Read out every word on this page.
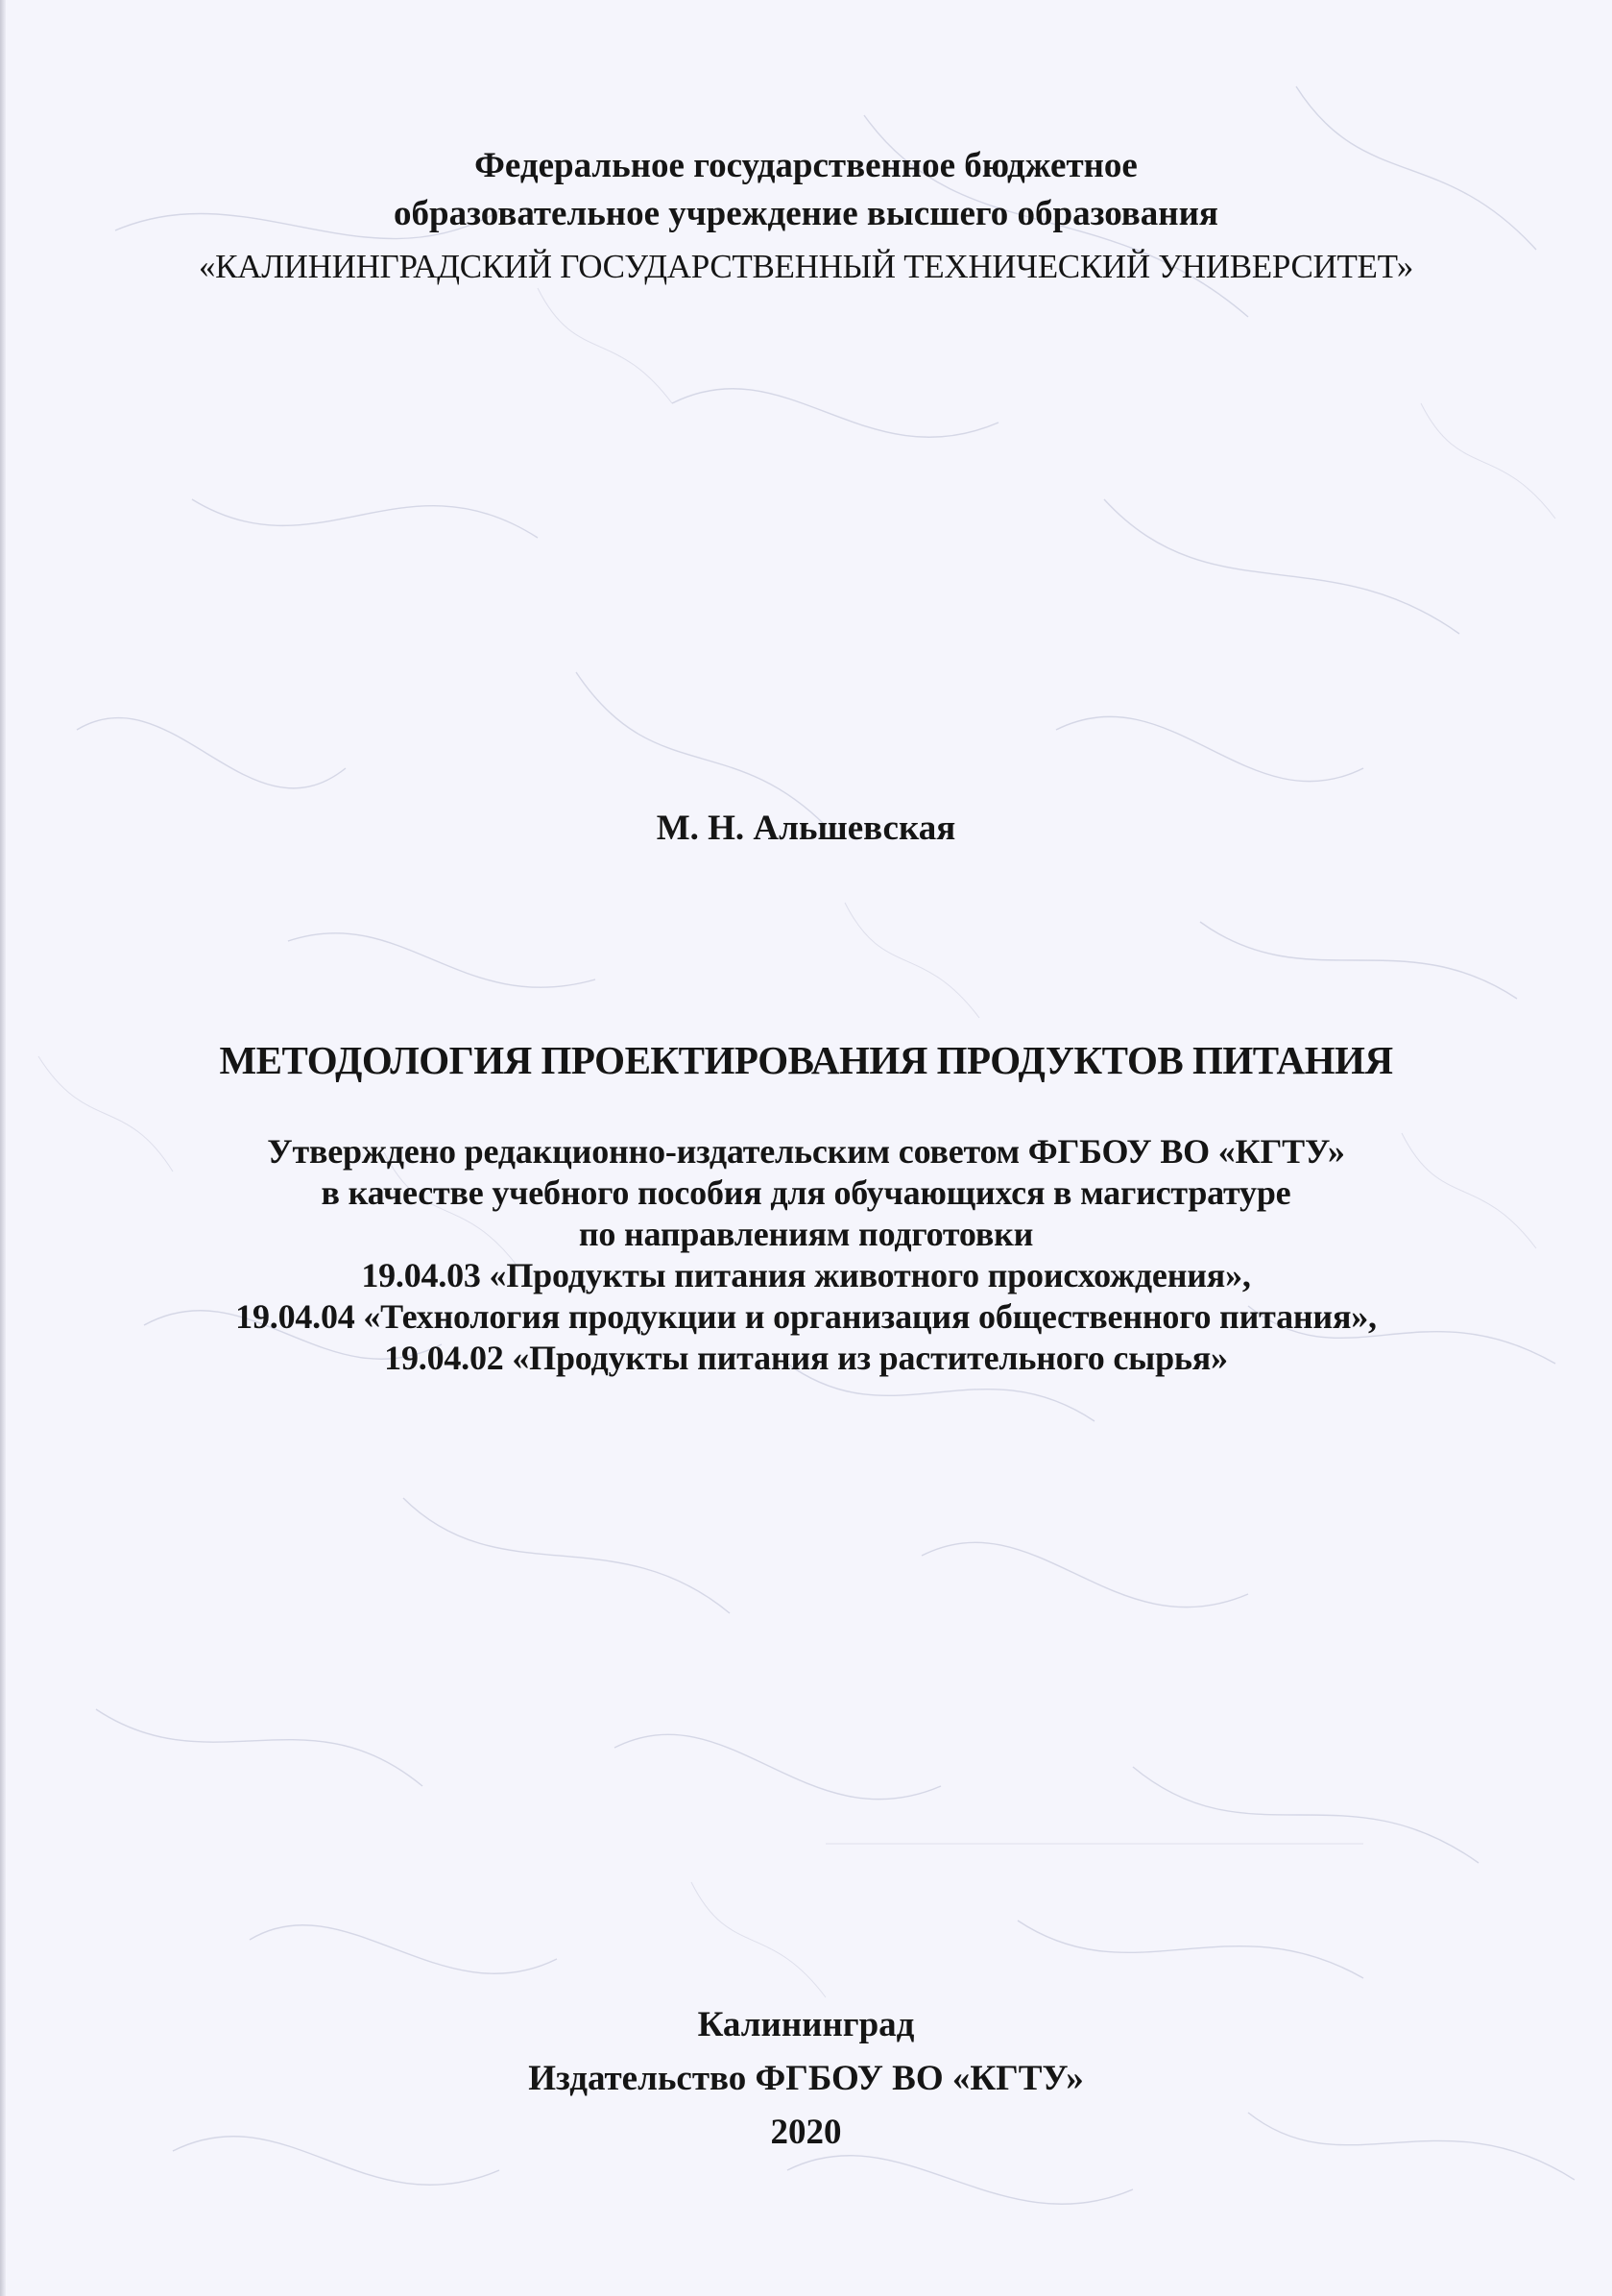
Федеральное государственное бюджетное
образовательное учреждение высшего образования
«КАЛИНИНГРАДСКИЙ ГОСУДАРСТВЕННЫЙ ТЕХНИЧЕСКИЙ УНИВЕРСИТЕТ»
М. Н. Альшевская
МЕТОДОЛОГИЯ ПРОЕКТИРОВАНИЯ ПРОДУКТОВ ПИТАНИЯ
Утверждено редакционно-издательским советом ФГБОУ ВО «КГТУ»
в качестве учебного пособия для обучающихся в магистратуре
по направлениям подготовки
19.04.03 «Продукты питания животного происхождения»,
19.04.04 «Технология продукции и организация общественного питания»,
19.04.02 «Продукты питания из растительного сырья»
Калининград
Издательство ФГБОУ ВО «КГТУ»
2020
